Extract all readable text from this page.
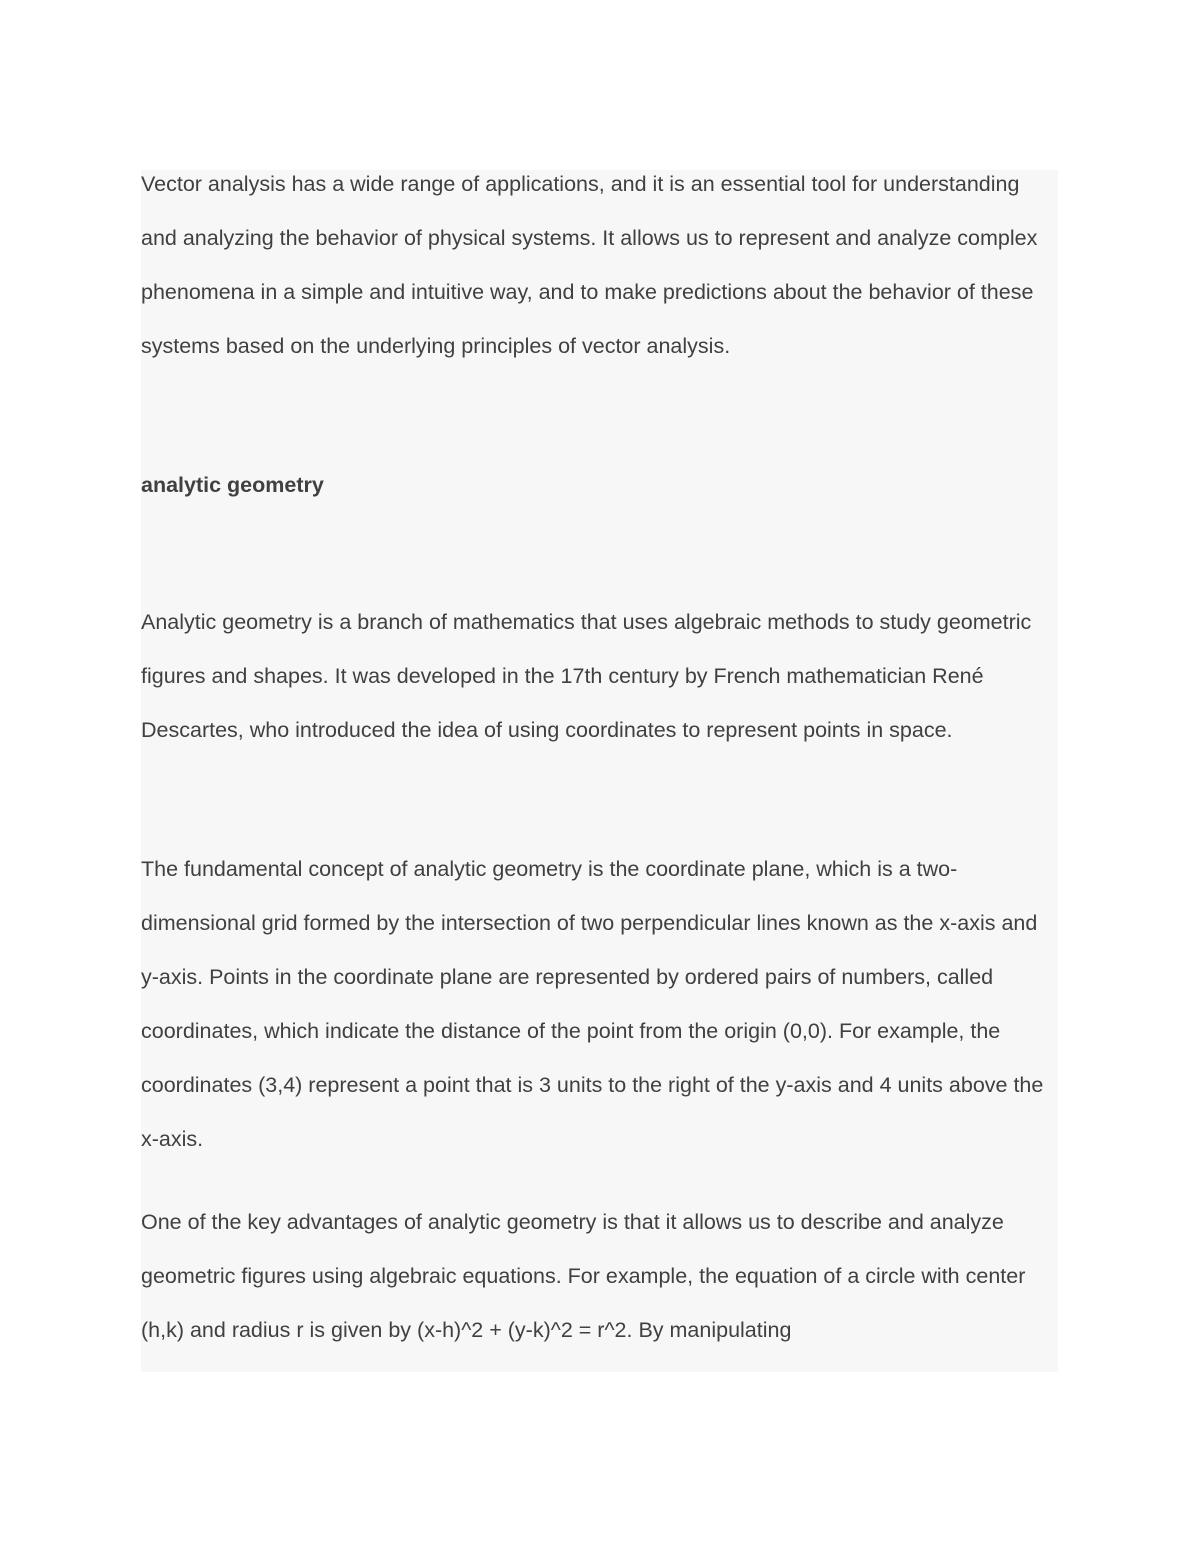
Vector analysis has a wide range of applications, and it is an essential tool for understanding and analyzing the behavior of physical systems. It allows us to represent and analyze complex phenomena in a simple and intuitive way, and to make predictions about the behavior of these systems based on the underlying principles of vector analysis.

analytic geometry

Analytic geometry is a branch of mathematics that uses algebraic methods to study geometric figures and shapes. It was developed in the 17th century by French mathematician René Descartes, who introduced the idea of using coordinates to represent points in space.

The fundamental concept of analytic geometry is the coordinate plane, which is a two-dimensional grid formed by the intersection of two perpendicular lines known as the x-axis and y-axis. Points in the coordinate plane are represented by ordered pairs of numbers, called coordinates, which indicate the distance of the point from the origin (0,0). For example, the coordinates (3,4) represent a point that is 3 units to the right of the y-axis and 4 units above the x-axis.

One of the key advantages of analytic geometry is that it allows us to describe and analyze geometric figures using algebraic equations. For example, the equation of a circle with center (h,k) and radius r is given by (x-h)^2 + (y-k)^2 = r^2. By manipulating
